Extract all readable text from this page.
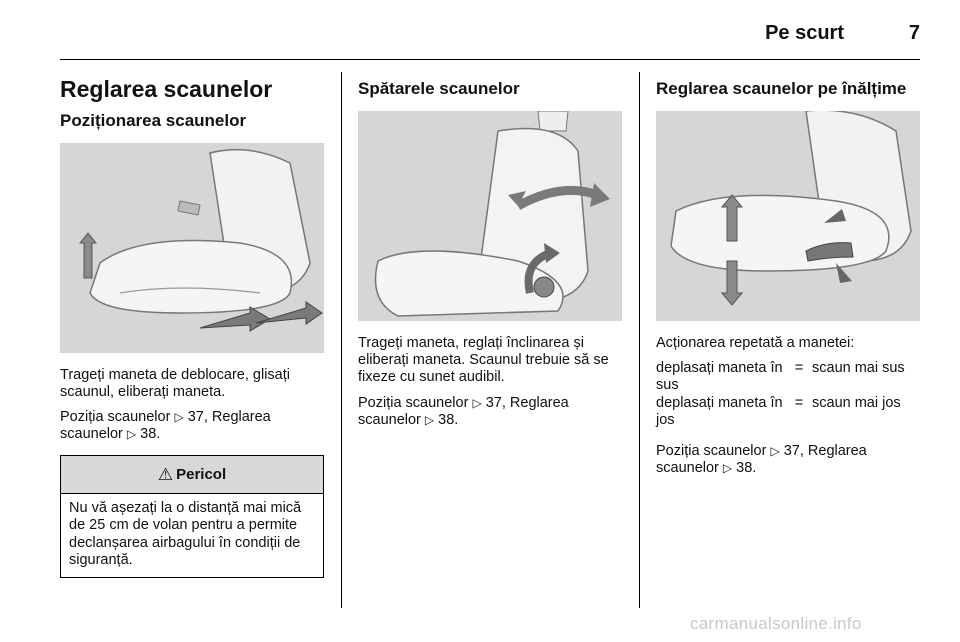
Pe scurt	7
Reglarea scaunelor
Poziționarea scaunelor

Trageți maneta de deblocare, glisați scaunul, eliberați maneta.

Poziția scaunelor ▷ 37, Reglarea scaunelor ▷ 38.

⚠ Pericol

Nu vă așezați la o distanță mai mică de 25 cm de volan pentru a permite declanșarea airbagului în condiții de siguranță.

Spătarele scaunelor

Trageți maneta, reglați înclinarea și eliberați maneta. Scaunul trebuie să se fixeze cu sunet audibil.

Poziția scaunelor ▷ 37, Reglarea scaunelor ▷ 38.

Reglarea scaunelor pe înălțime

Acționarea repetată a manetei:

deplasați maneta în sus
= scaun mai sus
deplasați maneta în jos
= scaun mai jos

Poziția scaunelor ▷ 37, Reglarea scaunelor ▷ 38.

carmanualsonline.info
